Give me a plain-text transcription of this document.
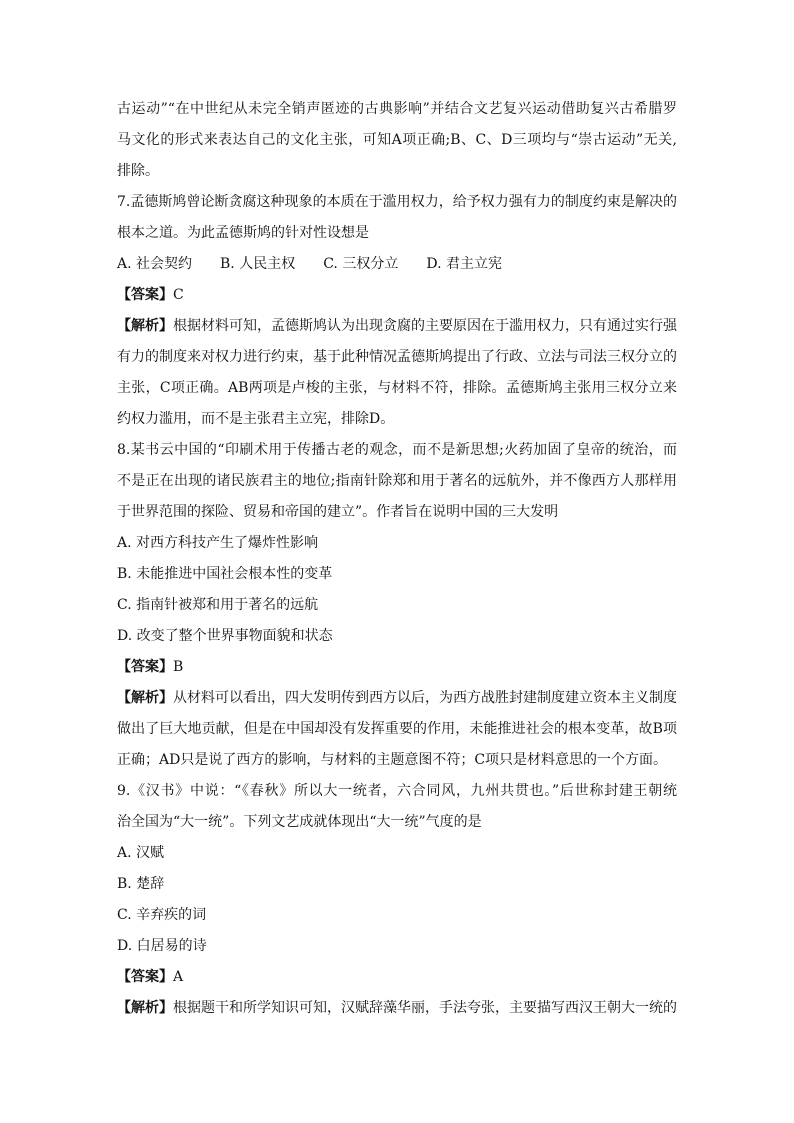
古运动”“在中世纪从未完全销声匿迹的古典影响”并结合文艺复兴运动借助复兴古希腊罗
马文化的形式来表达自己的文化主张，可知A项正确;B、C、D三项均与“崇古运动”无关,
排除。
7.孟德斯鸠曾论断贪腐这种现象的本质在于滥用权力，给予权力强有力的制度约束是解决的
根本之道。为此孟德斯鸠的针对性设想是
A. 社会契约 B. 人民主权 C. 三权分立 D. 君主立宪
【答案】C
【解析】根据材料可知，孟德斯鸠认为出现贪腐的主要原因在于滥用权力，只有通过实行强
有力的制度来对权力进行约束，基于此种情况孟德斯鸠提出了行政、立法与司法三权分立的
主张，C项正确。AB两项是卢梭的主张，与材料不符，排除。孟德斯鸠主张用三权分立来
约权力滥用，而不是主张君主立宪，排除D。
8.某书云中国的“印刷术用于传播古老的观念，而不是新思想;火药加固了皇帝的统治，而
不是正在出现的诸民族君主的地位;指南针除郑和用于著名的远航外，并不像西方人那样用
于世界范围的探险、贸易和帝国的建立”。作者旨在说明中国的三大发明
A. 对西方科技产生了爆炸性影响
B. 未能推进中国社会根本性的变革
C. 指南针被郑和用于著名的远航
D. 改变了整个世界事物面貌和状态
【答案】B
【解析】从材料可以看出，四大发明传到西方以后，为西方战胜封建制度建立资本主义制度
做出了巨大地贡献，但是在中国却没有发挥重要的作用，未能推进社会的根本变革，故B项
正确；AD只是说了西方的影响，与材料的主题意图不符；C项只是材料意思的一个方面。
9.《汉书》中说：“《春秋》所以大一统者，六合同风，九州共贯也。”后世称封建王朝统
治全国为“大一统”。下列文艺成就体现出“大一统”气度的是
A. 汉赋
B. 楚辞
C. 辛弃疾的词
D. 白居易的诗
【答案】A
【解析】根据题干和所学知识可知，汉赋辞藻华丽，手法夸张，主要描写西汉王朝大一统的
